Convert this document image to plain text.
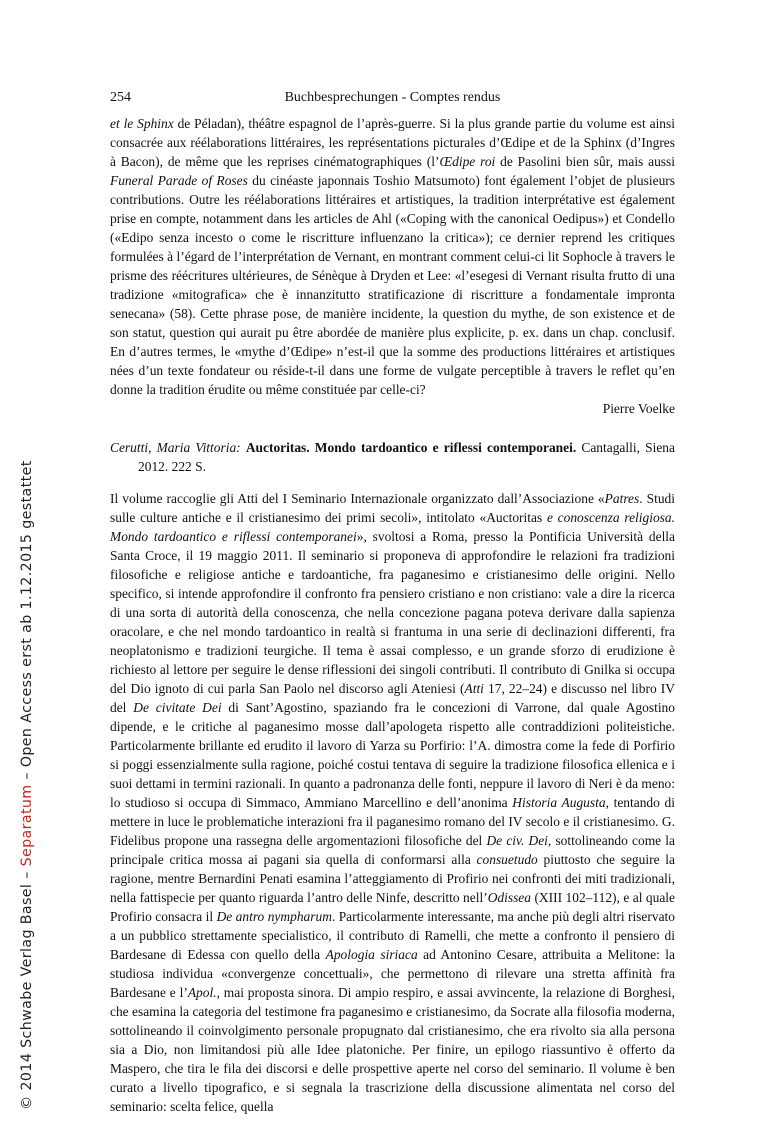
254	Buchbesprechungen - Comptes rendus

et le Sphinx de Péladan), théâtre espagnol de l’après-guerre. Si la plus grande partie du volume est ainsi consacrée aux réélaborations littéraires, les représentations picturales d’Œdipe et de la Sphinx (d’Ingres à Bacon), de même que les reprises cinématographiques (l’Œdipe roi de Pasolini bien sûr, mais aussi Funeral Parade of Roses du cinéaste japonnais Toshio Matsumoto) font également l’objet de plusieurs contributions. Outre les réélaborations littéraires et artistiques, la tradition interprétative est également prise en compte, notamment dans les articles de Ahl («Coping with the canonical Oedipus») et Condello («Edipo senza incesto o come le riscritture influenzano la critica»); ce dernier reprend les critiques formulées à l’égard de l’interprétation de Vernant, en montrant comment celui-ci lit Sophocle à travers le prisme des réécritures ultérieures, de Sénèque à Dryden et Lee: «l’esegesi di Vernant risulta frutto di una tradizione «mitografica» che è innanzitutto stratificazione di riscritture a fondamentale impronta senecana» (58). Cette phrase pose, de manière incidente, la question du mythe, de son existence et de son statut, question qui aurait pu être abordée de manière plus explicite, p. ex. dans un chap. conclusif. En d’autres termes, le «mythe d’Œdipe» n’est-il que la somme des productions littéraires et artistiques nées d’un texte fondateur ou réside-t-il dans une forme de vulgate perceptible à travers le reflet qu’en donne la tradition érudite ou même constituée par celle-ci?

Pierre Voelke

Cerutti, Maria Vittoria: Auctoritas. Mondo tardoantico e riflessi contemporanei. Cantagalli, Siena 2012. 222 S.

Il volume raccoglie gli Atti del I Seminario Internazionale organizzato dall’Associazione «Patres. Studi sulle culture antiche e il cristianesimo dei primi secoli», intitolato «Auctoritas e conoscenza religiosa. Mondo tardoantico e riflessi contemporanei», svoltosi a Roma, presso la Pontificia Università della Santa Croce, il 19 maggio 2011. Il seminario si proponeva di approfondire le relazioni fra tradizioni filosofiche e religiose antiche e tardoantiche, fra paganesimo e cristianesimo delle origini. Nello specifico, si intende approfondire il confronto fra pensiero cristiano e non cristiano: vale a dire la ricerca di una sorta di autorità della conoscenza, che nella concezione pagana poteva derivare dalla sapienza oracolare, e che nel mondo tardoantico in realtà si frantuma in una serie di declinazioni differenti, fra neoplatonismo e tradizioni teurgiche. Il tema è assai complesso, e un grande sforzo di erudizione è richiesto al lettore per seguire le dense riflessioni dei singoli contributi. Il contributo di Gnilka si occupa del Dio ignoto di cui parla San Paolo nel discorso agli Ateniesi (Atti 17, 22–24) e discusso nel libro IV del De civitate Dei di Sant’Agostino, spaziando fra le concezioni di Varrone, dal quale Agostino dipende, e le critiche al paganesimo mosse dall’apologeta rispetto alle contraddizioni politeistiche. Particolarmente brillante ed erudito il lavoro di Yarza su Porfirio: l’A. dimostra come la fede di Porfirio si poggi essenzialmente sulla ragione, poiché costui tentava di seguire la tradizione filosofica ellenica e i suoi dettami in termini razionali. In quanto a padronanza delle fonti, neppure il lavoro di Neri è da meno: lo studioso si occupa di Simmaco, Ammiano Marcellino e dell’anonima Historia Augusta, tentando di mettere in luce le problematiche interazioni fra il paganesimo romano del IV secolo e il cristianesimo. G. Fidelibus propone una rassegna delle argomentazioni filosofiche del De civ. Dei, sottolineando come la principale critica mossa ai pagani sia quella di conformarsi alla consuetudo piuttosto che seguire la ragione, mentre Bernardini Penati esamina l’atteggiamento di Profirio nei confronti dei miti tradizionali, nella fattispecie per quanto riguarda l’antro delle Ninfe, descritto nell’Odissea (XIII 102–112), e al quale Profirio consacra il De antro nympharum. Particolarmente interessante, ma anche più degli altri riservato a un pubblico strettamente specialistico, il contributo di Ramelli, che mette a confronto il pensiero di Bardesane di Edessa con quello della Apologia siriaca ad Antonino Cesare, attribuita a Melitone: la studiosa individua «convergenze concettuali», che permettono di rilevare una stretta affinità fra Bardesane e l’Apol., mai proposta sinora. Di ampio respiro, e assai avvincente, la relazione di Borghesi, che esamina la categoria del testimone fra paganesimo e cristianesimo, da Socrate alla filosofia moderna, sottolineando il coinvolgimento personale propugnato dal cristianesimo, che era rivolto sia alla persona sia a Dio, non limitandosi più alle Idee platoniche. Per finire, un epilogo riassuntivo è offerto da Maspero, che tira le fila dei discorsi e delle prospettive aperte nel corso del seminario. Il volume è ben curato a livello tipografico, e si segnala la trascrizione della discussione alimentata nel corso del seminario: scelta felice, quella

© 2014 Schwabe Verlag Basel – Separatum – Open Access erst ab 1.12.2015 gestattet
